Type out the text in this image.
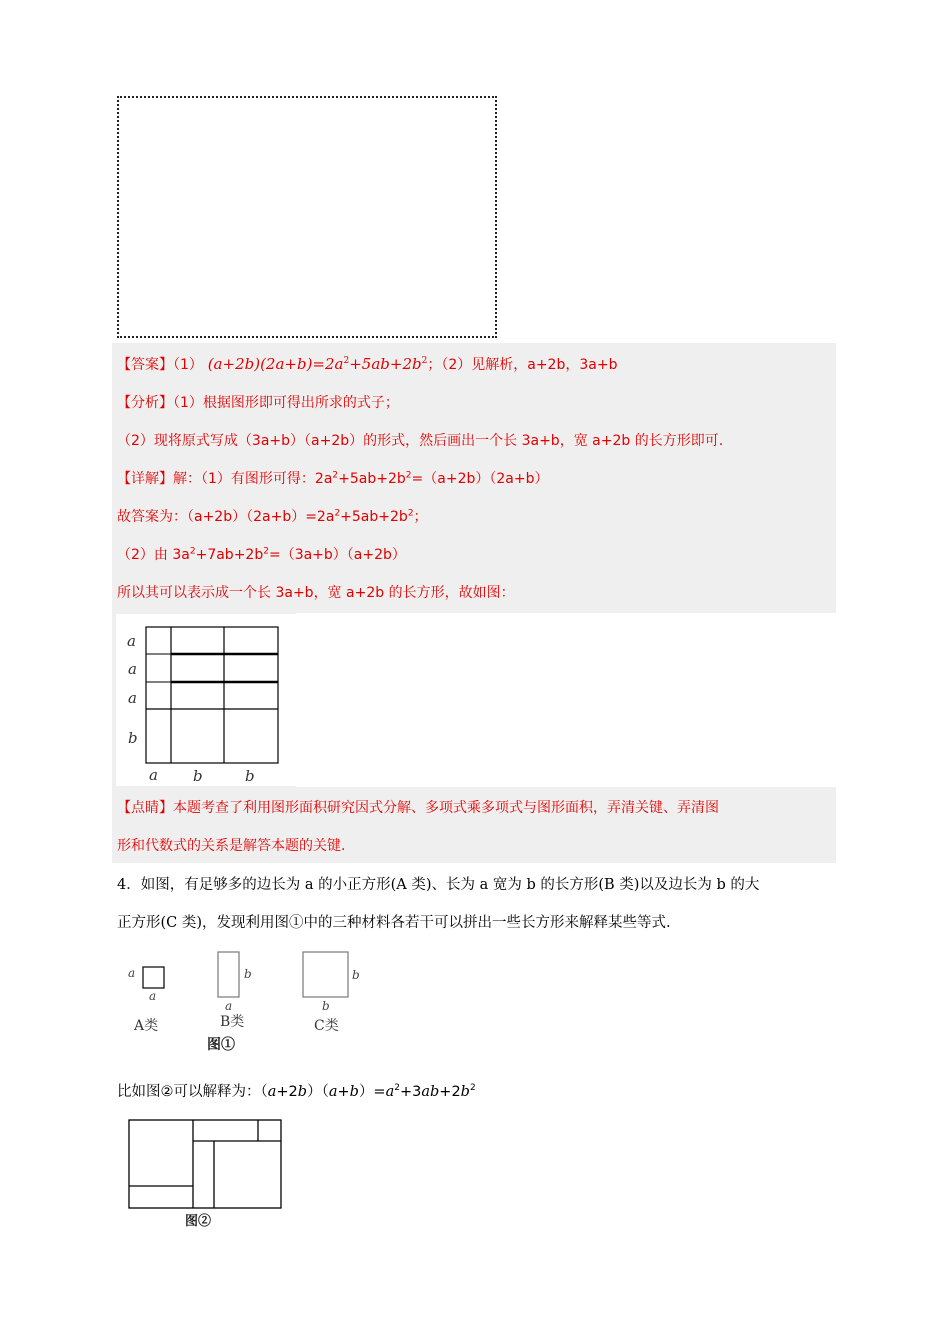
【答案】（1） $(a+2b)(2a+b)=2a^2+5ab+2b^2$；（2）见解析，a+2b，3a+b
【分析】（1）根据图形即可得出所求的式子；
（2）现将原式写成（3a+b）（a+2b）的形式，然后画出一个长 3a+b，宽 a+2b 的长方形即可.
【详解】解：（1）有图形可得：$2a^2+5ab+2b^2=(a+2b)(2a+b)$
故答案为：$(a+2b)(2a+b)=2a^2+5ab+2b^2$；
（2）由 $3a^2+7ab+2b^2=(3a+b)(a+2b)$
所以其可以表示成一个长 3a+b，宽 a+2b 的长方形，故如图：
a
a
a
b
a b	b
【点睛】本题考查了利用图形面积研究因式分解、多项式乘多项式与图形面积，弄清关键、弄清图
形和代数式的关系是解答本题的关键.
4．如图，有足够多的边长为 a 的小正方形(A 类)、长为 a 宽为 b 的长方形(B 类)以及边长为 b 的大
正方形(C 类)，发现利用图①中的三种材料各若干可以拼出一些长方形来解释某些等式.
a
a
b
a
b
b
A类	B类	C类
图①
比如图②可以解释为：$(a+2b)(a+b)=a^2+3ab+2b^2$
图②
